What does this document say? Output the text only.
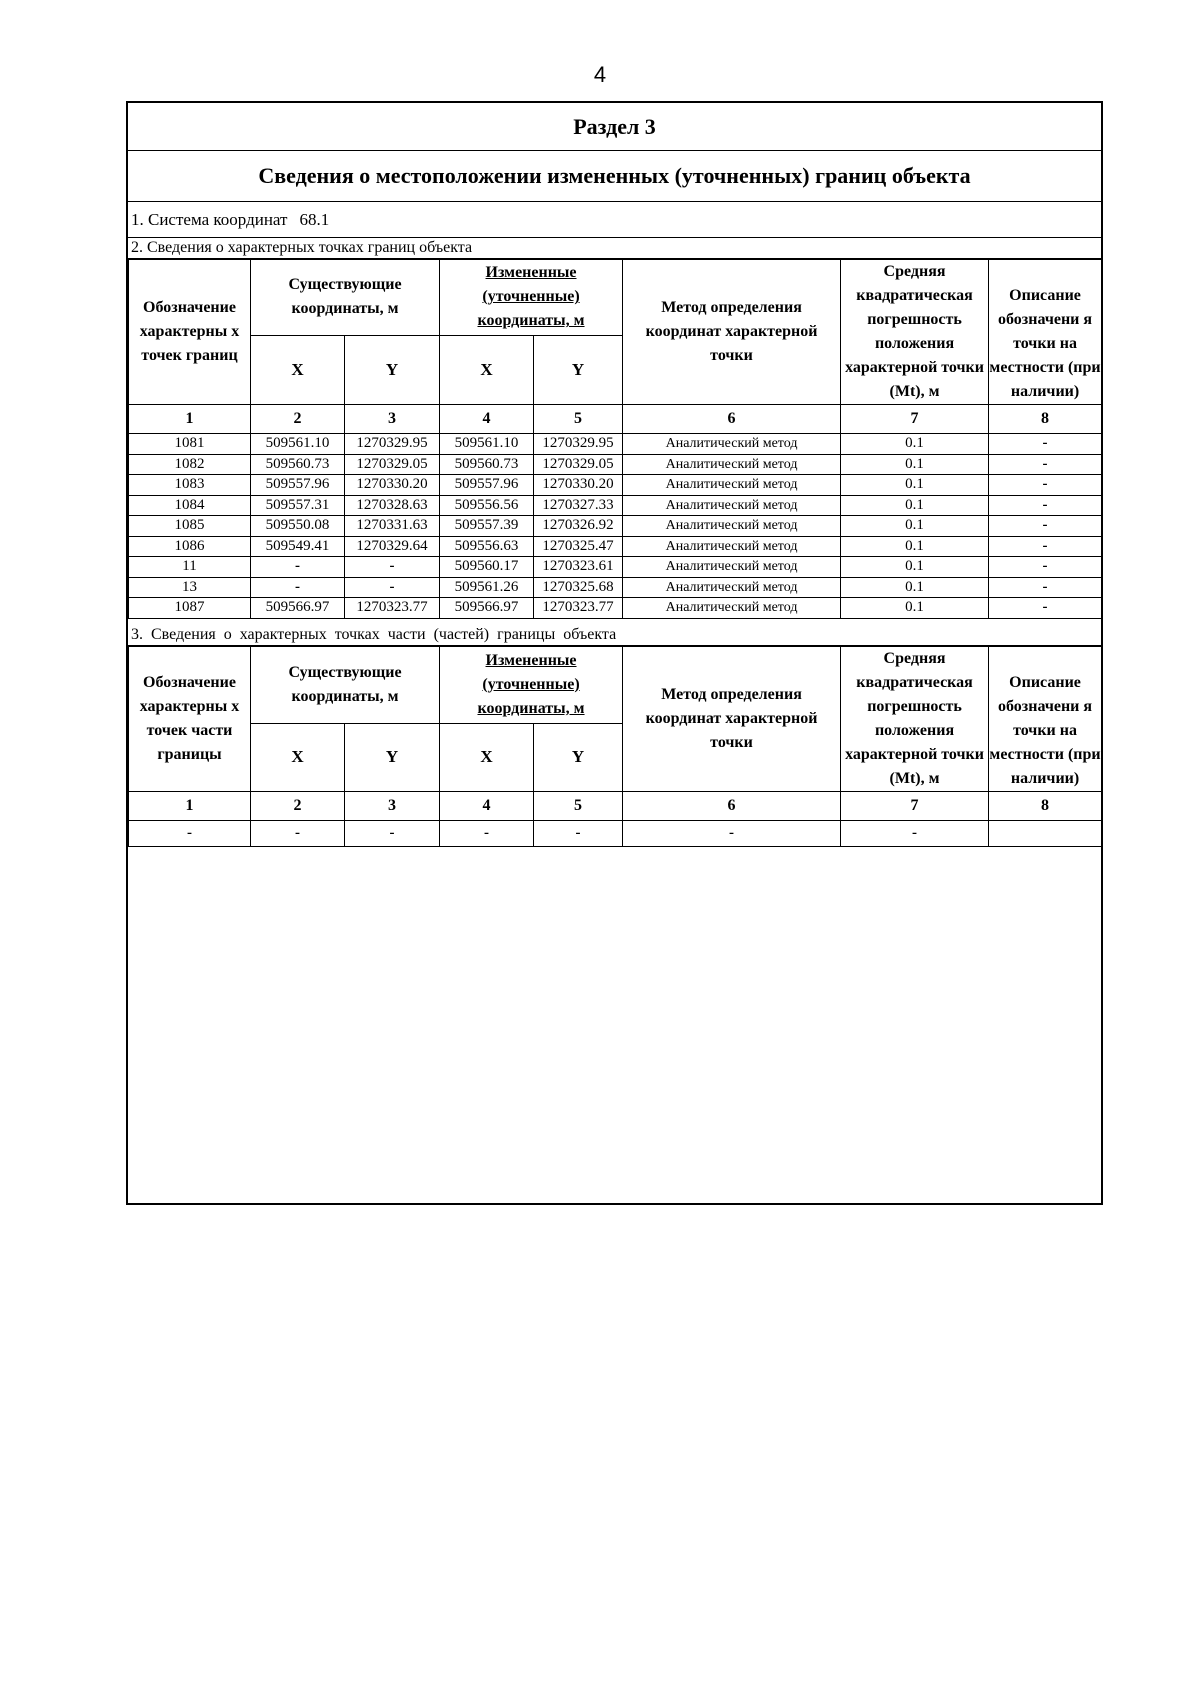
4
Раздел 3
Сведения о местоположении измененных (уточненных) границ объекта
1. Система координат 68.1
2. Сведения о характерных точках границ объекта
Обозначение характерны х точек границ	Существующие координаты, м		Измененные (уточненные) координаты, м		Метод определения координат характерной точки	Средняя квадратическая погрешность положения характерной точки (Mt), м	Описание обозначени я точки на местности (при наличии)
	X	Y	X	Y			
1	2	3	4	5	6	7	8
1081	509561.10	1270329.95	509561.10	1270329.95	Аналитический метод	0.1	-
1082	509560.73	1270329.05	509560.73	1270329.05	Аналитический метод	0.1	-
1083	509557.96	1270330.20	509557.96	1270330.20	Аналитический метод	0.1	-
1084	509557.31	1270328.63	509556.56	1270327.33	Аналитический метод	0.1	-
1085	509550.08	1270331.63	509557.39	1270326.92	Аналитический метод	0.1	-
1086	509549.41	1270329.64	509556.63	1270325.47	Аналитический метод	0.1	-
11	-	-	509560.17	1270323.61	Аналитический метод	0.1	-
13	-	-	509561.26	1270325.68	Аналитический метод	0.1	-
1087	509566.97	1270323.77	509566.97	1270323.77	Аналитический метод	0.1	-
3. Сведения о характерных точках части (частей) границы объекта
Обозначение характерны х точек части границы	Существующие координаты, м		Измененные (уточненные) координаты, м		Метод определения координат характерной точки	Средняя квадратическая погрешность положения характерной точки (Mt), м	Описание обозначени я точки на местности (при наличии)
	X	Y	X	Y			
1	2	3	4	5	6	7	8
-	-	-	-	-	-	-	
